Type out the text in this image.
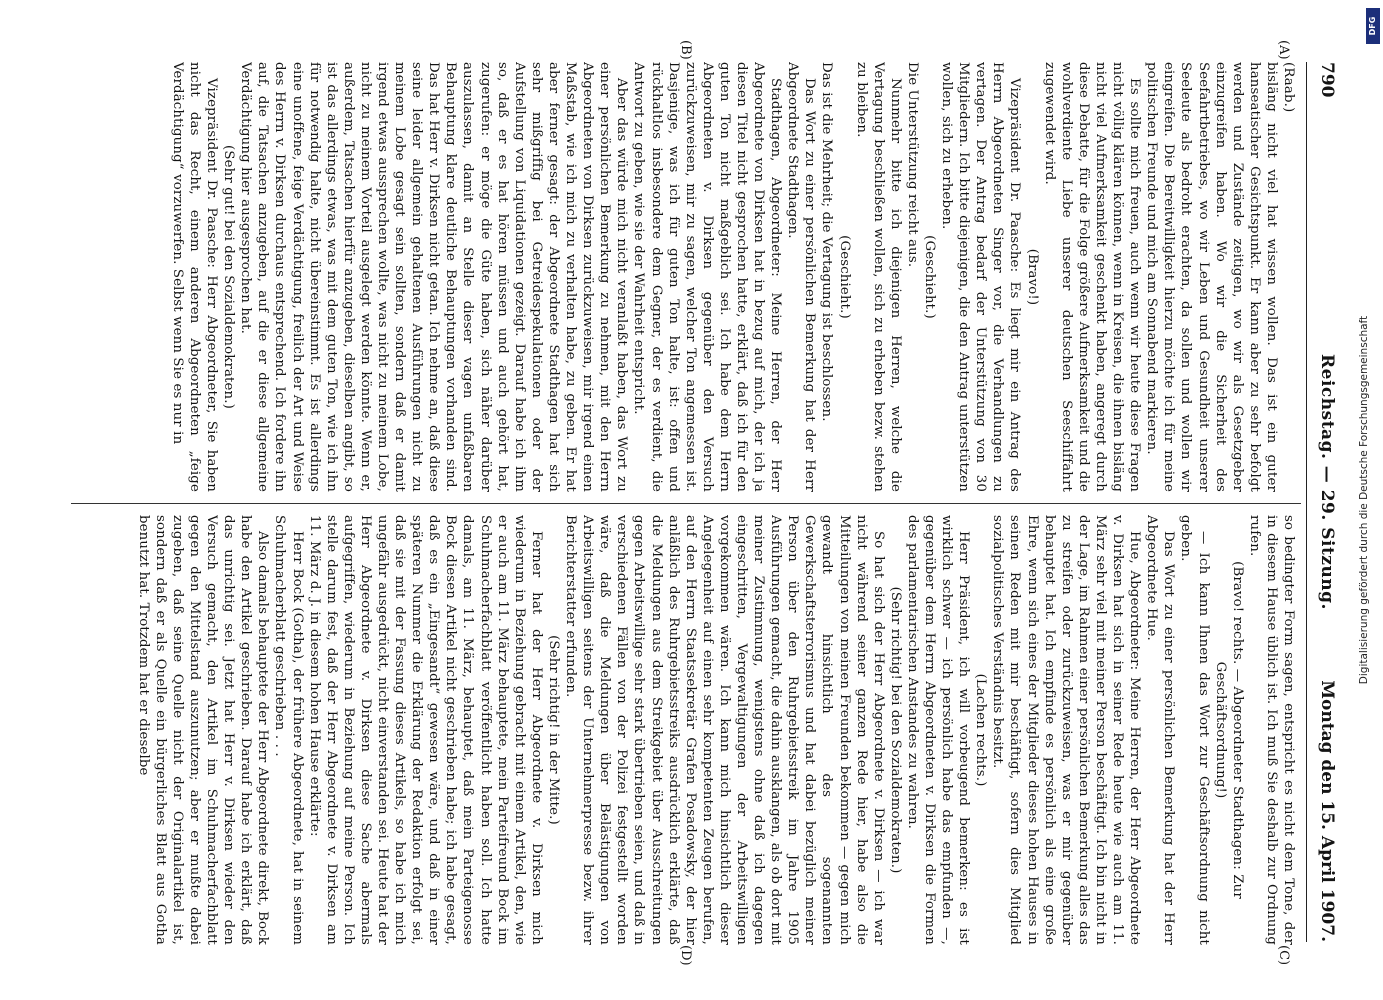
790
Reichstag. — 29. Sitzung.
Montag den 15. April 1907.
(A)
(B)
(C)
(D)

(Raab.)

bisläng nicht viel hat wissen wollen. Das ist ein guter hanseatischer Gesichtspunkt. Er kann aber zu sehr befolgt werden und Zustände zeitigen, wo wir als Gesetzgeber einzugreifen haben. Wo wir die Sicherheit des Seefahrtbetriebes, wo wir Leben und Gesundheit unserer Seeleute als bedroht erachten, da sollen und wollen wir eingreifen. Die Bereitwilligkeit hierzu möchte ich für meine politischen Freunde und mich am Sonnabend markieren.

Es sollte mich freuen, auch wenn wir heute diese Fragen nicht völlig klären können, wenn in Kreisen, die ihnen bisläng nicht viel Aufmerksamkeit geschenkt haben, angeregt durch diese Debatte, für die Folge größere Aufmerksamkeit und die wohlverdiente Liebe unserer deutschen Seeschiffahrt zugewendet wird.

(Bravo!)

Vizepräsident Dr. Paasche: Es liegt mir ein Antrag des Herrn Abgeordneten Singer vor, die Verhandlungen zu vertagen. Der Antrag bedarf der Unterstützung von 30 Mitgliedern. Ich bitte diejenigen, die den Antrag unterstützen wollen, sich zu erheben.

(Geschieht.)

Die Unterstützung reicht aus.

Nunmehr bitte ich diejenigen Herren, welche die Vertagung beschließen wollen, sich zu erheben bezw. stehen zu bleiben.

(Geschieht.)

Das ist die Mehrheit; die Vertagung ist beschlossen.

Das Wort zu einer persönlichen Bemerkung hat der Herr Abgeordnete Stadthagen.

Stadthagen, Abgeordneter: Meine Herren, der Herr Abgeordnete von Dirksen hat in bezug auf mich, der ich ja diesen Titel nicht gesprochen hatte, erklärt, daß ich für den guten Ton nicht maßgeblich sei. Ich habe dem Herrn Abgeordneten v. Dirksen gegenüber den Versuch zurückzuweisen, mir zu sagen, welcher Ton angemessen ist. Dasjenige, was ich für guten Ton halte, ist: offen und rückhaltlos insbesondere dem Gegner, der es verdient, die Antwort zu geben, wie sie der Wahrheit entspricht.

Aber das würde mich nicht veranlaßt haben, das Wort zu einer persönlichen Bemerkung zu nehmen, mit den Herrn Abgeordneten von Dirksen zurückzuweisen, mir irgend einen Maßstab, wie ich mich zu verhalten habe, zu geben. Er hat aber ferner gesagt: der Abgeordnete Stadthagen hat sich sehr mißgriffig bei Getreidespekulationen oder der Aufstellung von Liquidationen gezeigt. Darauf habe ich ihm so, daß er es hat hören müssen und auch gehört hat, zugerufen: er möge die Güte haben, sich näher darüber auszulassen, damit an Stelle dieser vagen unfaßbaren Behauptung klare deutliche Behauptungen vorhanden sind. Das hat Herr v. Dirksen nicht getan. Ich nehme an, daß diese seine leider allgemein gehaltenen Ausführungen nicht zu meinem Lobe gesagt sein sollten, sondern daß er damit irgend etwas aussprechen wollte, was nicht zu meinem Lobe, nicht zu meinem Vorteil ausgelegt werden könnte. Wenn er, außerdem, Tatsachen hierfür anzugeben, dieselben angibt, so ist das allerdings etwas, was mit dem guten Ton, wie ich ihn für notwendig halte, nicht übereinstimmt. Es ist allerdings eine unoffene, feige Verdächtigung, freilich der Art und Weise des Herrn v. Dirksen durchaus entsprechend. Ich fordere ihn auf, die Tatsachen anzugeben, auf die er diese allgemeine Verdächtigung hier ausgesprochen hat.

(Sehr gut! bei den Sozialdemokraten.)

Vizepräsident Dr. Paasche: Herr Abgeordneter, Sie haben nicht das Recht, einem anderen Abgeordneten „feige Verdächtigung“ vorzuwerfen. Selbst wenn Sie es nur in

so bedingter Form sagen, entspricht es nicht dem Tone, der in diesem Hause üblich ist. Ich muß Sie deshalb zur Ordnung rufen.

(Bravo! rechts. — Abgeordneter Stadthagen: Zur Geschäftsordnung!)

— Ich kann Ihnen das Wort zur Geschäftsordnung nicht geben.

Das Wort zu einer persönlichen Bemerkung hat der Herr Abgeordnete Hue.

Hue, Abgeordneter: Meine Herren, der Herr Abgeordnete v. Dirksen hat sich in seiner Rede heute wie auch am 11. März sehr viel mit meiner Person beschäftigt. Ich bin nicht in der Lage, im Rahmen einer persönlichen Bemerkung alles das zu streifen oder zurückzuweisen, was er mir gegenüber behauptet hat. Ich empfinde es persönlich als eine große Ehre, wenn sich eines der Mitglieder dieses hohen Hauses in seinen Reden mit mir beschäftigt, sofern dies Mitglied sozialpolitisches Verständnis besitzt.

(Lachen rechts.)

Herr Präsident, ich will vorbeugend bemerken: es ist wirklich schwer — ich persönlich habe das empfunden —, gegenüber dem Herrn Abgeordneten v. Dirksen die Formen des parlamentarischen Anstandes zu wahren.

(Sehr richtig! bei den Sozialdemokraten.)

So hat sich der Herr Abgeordnete v. Dirksen — ich war nicht während seiner ganzen Rede hier, habe also die Mitteilungen von meinen Freunden bekommen — gegen mich gewandt hinsichtlich des sogenannten Gewerkschaftsterrorismus und hat dabei bezüglich meiner Person über den Ruhrgebietsstreik im Jahre 1905 Ausführungen gemacht, die dahin ausklangen, als ob dort mit meiner Zustimmung, wenigstens ohne daß ich dagegen eingeschritten, Vergewaltigungen der Arbeitswilligen vorgekommen wären. Ich kann mich hinsichtlich dieser Angelegenheit auf einen sehr kompetenten Zeugen berufen, auf den Herrn Staatssekretär Grafen Posadowsky, der hier anläßlich des Ruhrgebietsstreiks ausdrücklich erklärte, daß die Meldungen aus dem Streikgebiet über Ausschreitungen gegen Arbeitswillige sehr stark übertrieben seien, und daß in verschiedenen Fällen von der Polizei festgestellt worden wäre, daß die Meldungen über Belästigungen von Arbeitswilligen seitens der Unternehmerpresse bezw. ihrer Berichterstatter erfunden.

(Sehr richtig! in der Mitte.)

Ferner hat der Herr Abgeordnete v. Dirksen mich wiederum in Beziehung gebracht mit einem Artikel, den, wie er auch am 11. März behauptete, mein Parteifreund Bock im Schuhmacherfachblatt veröffentlicht haben soll. Ich hatte damals, am 11. März, behauptet, daß mein Parteigenosse Bock diesen Artikel nicht geschrieben habe; ich habe gesagt, daß es ein „Eingesandt“ gewesen wäre, und daß in einer späteren Nummer die Erklärung der Redaktion erfolgt sei, daß sie mit der Fassung dieses Artikels, so habe ich mich ungefähr ausgedrückt, nicht einverstanden sei. Heute hat der Herr Abgeordnete v. Dirksen diese Sache abermals aufgegriffen, wiederum in Beziehung auf meine Person. Ich stelle darum fest, daß der Herr Abgeordnete v. Dirksen am 11. März d. J. in diesem hohen Hause erklärte:

Herr Bock (Gotha), der frühere Abgeordnete, hat in seinem Schuhmacherblatt geschrieben . . .

Also damals behauptete der Herr Abgeordnete direkt, Bock habe den Artikel geschrieben. Darauf habe ich erklärt, daß das unrichtig sei. Jetzt hat Herr v. Dirksen wieder den Versuch gemacht, den Artikel im Schuhmacherfachblatt gegen den Mittelstand auszunutzen; aber er mußte dabei zugeben, daß seine Quelle nicht der Originalartikel ist, sondern daß er als Quelle ein bürgerliches Blatt aus Gotha benutzt hat. Trotzdem hat er dieselbe

DFG
Digitalisierung gefördert durch die Deutsche Forschungsgemeinschaft
